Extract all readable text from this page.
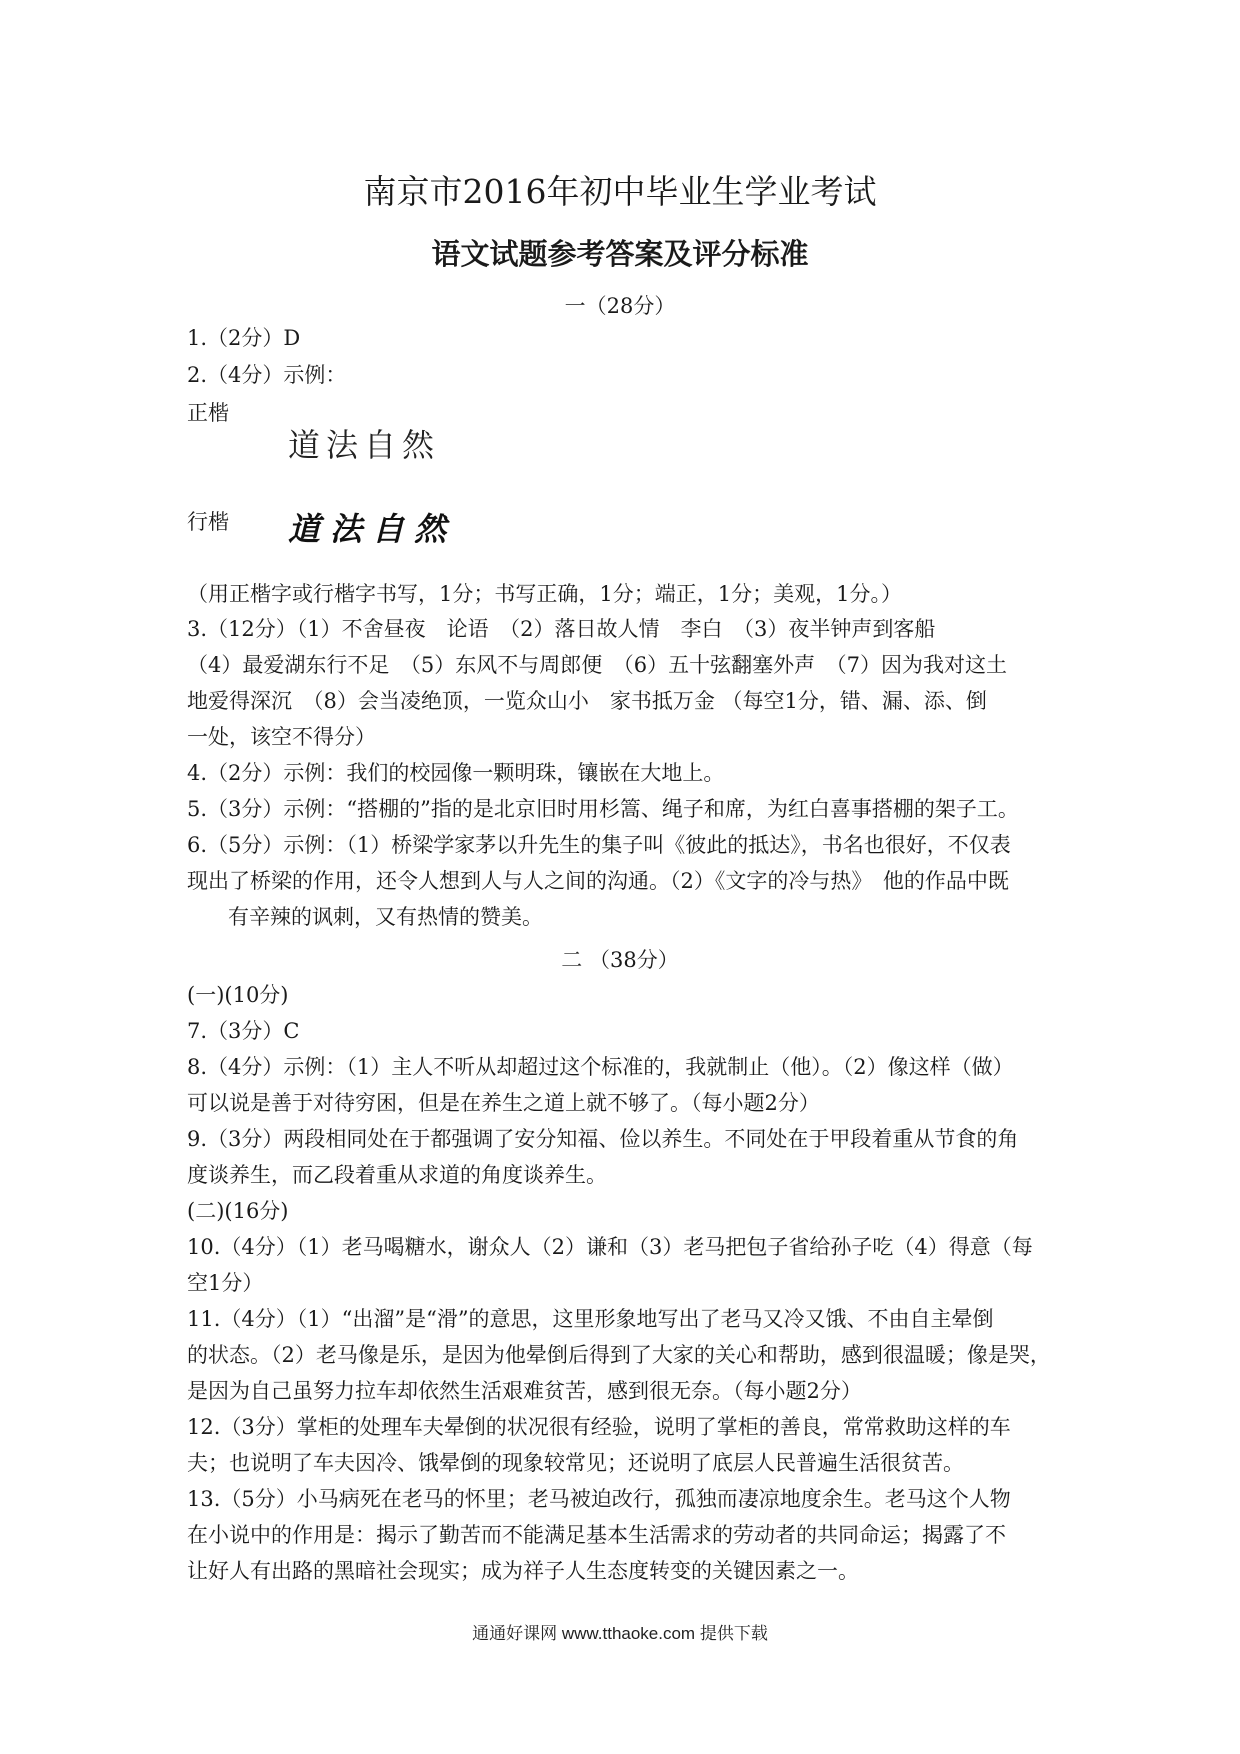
南京市2016年初中毕业生学业考试
语文试题参考答案及评分标准
一（28分）
1.（2分）D
2.（4分）示例：
正楷
道法自然
行楷 道法自然
（用正楷字或行楷字书写，1分；书写正确，1分；端正，1分；美观，1分。）
3.（12分）（1）不舍昼夜　论语　（2）落日故人情　李白　（3）夜半钟声到客船
（4）最爱湖东行不足　（5）东风不与周郎便　（6）五十弦翻塞外声　（7）因为我对这土
地爱得深沉　（8）会当凌绝顶，一览众山小　家书抵万金 （每空1分，错、漏、添、倒
一处，该空不得分）
4.（2分）示例：我们的校园像一颗明珠，镶嵌在大地上。
5.（3分）示例：“搭棚的”指的是北京旧时用杉篙、绳子和席，为红白喜事搭棚的架子工。
6.（5分）示例：（1）桥梁学家茅以升先生的集子叫《彼此的抵达》，书名也很好，不仅表
现出了桥梁的作用，还令人想到人与人之间的沟通。（2）《文字的冷与热》　他的作品中既
有辛辣的讽刺，又有热情的赞美。
二 （38分）
(一)(10分)
7.（3分）C
8.（4分）示例：（1）主人不听从却超过这个标准的，我就制止（他）。（2）像这样（做）
可以说是善于对待穷困，但是在养生之道上就不够了。（每小题2分）
9.（3分）两段相同处在于都强调了安分知福、俭以养生。不同处在于甲段着重从节食的角
度谈养生，而乙段着重从求道的角度谈养生。
(二)(16分)
10.（4分）（1）老马喝糖水，谢众人（2）谦和（3）老马把包子省给孙子吃（4）得意（每
空1分）
11.（4分）（1）“出溜”是“滑”的意思，这里形象地写出了老马又冷又饿、不由自主晕倒
的状态。（2）老马像是乐，是因为他晕倒后得到了大家的关心和帮助，感到很温暖；像是哭，
是因为自己虽努力拉车却依然生活艰难贫苦，感到很无奈。（每小题2分）
12.（3分）掌柜的处理车夫晕倒的状况很有经验，说明了掌柜的善良，常常救助这样的车
夫；也说明了车夫因冷、饿晕倒的现象较常见；还说明了底层人民普遍生活很贫苦。
13.（5分）小马病死在老马的怀里；老马被迫改行，孤独而凄凉地度余生。老马这个人物
在小说中的作用是：揭示了勤苦而不能满足基本生活需求的劳动者的共同命运；揭露了不
让好人有出路的黑暗社会现实；成为祥子人生态度转变的关键因素之一。
通通好课网 www.tthaoke.com 提供下载
